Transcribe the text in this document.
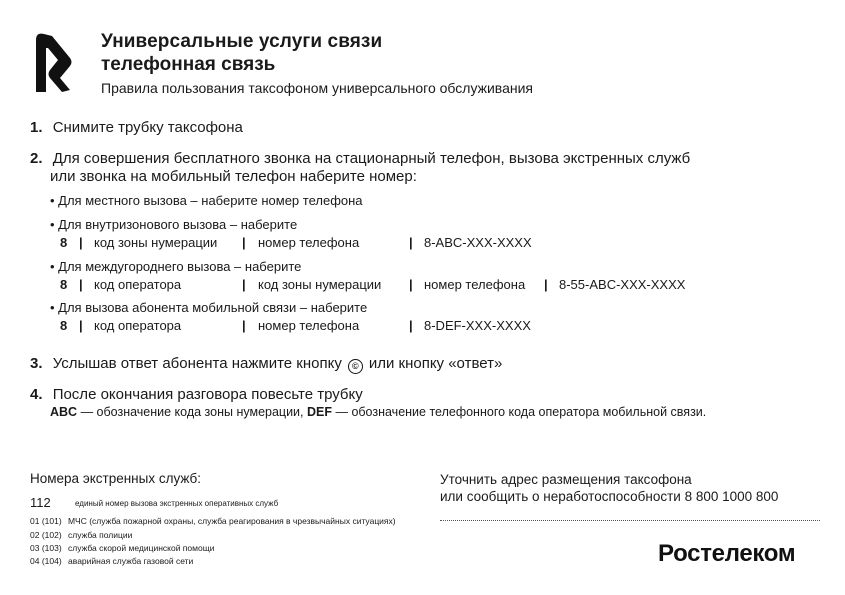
Универсальные услуги связи
телефонная связь
Правила пользования таксофоном универсального обслуживания
1. Снимите трубку таксофона
2. Для совершения бесплатного звонка на стационарный телефон, вызова экстренных служб
или звонка на мобильный телефон наберите номер:
• Для местного вызова – наберите номер телефона
• Для внутризонового вызова – наберите
8 | код зоны нумерации | номер телефона	| 8-ABC-XXX-XXXX
• Для междугороднего вызова – наберите
8 | код оператора	| код зоны нумерации | номер телефона | 8-55-ABC-XXX-XXXX
• Для вызова абонента мобильной связи – наберите
8 | код оператора	| номер телефона	| 8-DEF-XXX-XXXX
3. Услышав ответ абонента нажмите кнопку © или кнопку «ответ»
4. После окончания разговора повесьте трубку
ABC — обозначение кода зоны нумерации, DEF — обозначение телефонного кода оператора мобильной связи.
Номера экстренных служб:
112	единый номер вызова экстренных оперативных служб
01 (101) МЧС (служба пожарной охраны, служба реагирования в чрезвычайных ситуациях)
02 (102) служба полиции
03 (103) служба скорой медицинской помощи
04 (104) аварийная служба газовой сети
Уточнить адрес размещения таксофона
или сообщить о неработоспособности 8 800 1000 800
Ростелеком
